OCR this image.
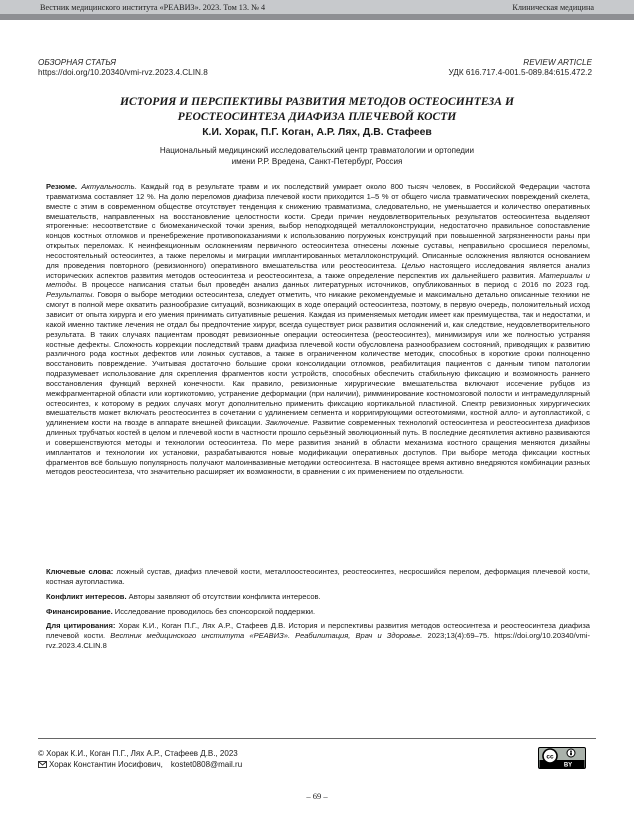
Вестник медицинского института «РЕАВИЗ». 2023. Том 13. № 4	Клиническая медицина
ОБЗОРНАЯ СТАТЬЯ
https://doi.org/10.20340/vmi-rvz.2023.4.CLIN.8
REVIEW ARTICLE
УДК 616.717.4-001.5-089.84:615.472.2
ИСТОРИЯ И ПЕРСПЕКТИВЫ РАЗВИТИЯ МЕТОДОВ ОСТЕОСИНТЕЗА И РЕОСТЕОСИНТЕЗА ДИАФИЗА ПЛЕЧЕВОЙ КОСТИ
К.И. Хорак, П.Г. Коган, А.Р. Лях, Д.В. Стафеев
Национальный медицинский исследовательский центр травматологии и ортопедии
имени Р.Р. Вредена, Санкт-Петербург, Россия
Резюме. Актуальность. Каждый год в результате травм и их последствий умирает около 800 тысяч человек, в Российской Федерации частота травматизма составляет 12 %. На долю переломов диафиза плечевой кости приходится 1–5 % от общего числа травматических повреждений скелета, вместе с этим в современном обществе отсутствует тенденция к снижению травматизма, следовательно, не уменьшается и количество оперативных вмешательств, направленных на восстановление целостности кости. Среди причин неудовлетворительных результатов остеосинтеза выделяют ятрогенные: несоответствие с биомеханической точки зрения, выбор неподходящей металлоконструкции, недостаточно правильное сопоставление концов костных отломков и пренебрежение противопоказаниями к использованию погружных конструкций при повышенной загрязненности раны при открытых переломах. К неинфекционным осложнениям первичного остеосинтеза отнесены ложные суставы, неправильно сросшиеся переломы, несостоятельный остеосинтез, а также переломы и миграции имплантированных металлоконструкций. Описанные осложнения являются основанием для проведения повторного (ревизионного) оперативного вмешательства или реостеосинтеза. Целью настоящего исследования является анализ исторических аспектов развития методов остеосинтеза и реостеосинтеза, а также определение перспектив их дальнейшего развития. Материалы и методы. В процессе написания статьи был проведён анализ данных литературных источников, опубликованных в период с 2016 по 2023 год. Результаты. Говоря о выборе методики остеосинтеза, следует отметить, что никакие рекомендуемые и максимально детально описанные техники не смогут в полной мере охватить разнообразие ситуаций, возникающих в ходе операций остеосинтеза, поэтому, в первую очередь, положительный исход зависит от опыта хирурга и его умения принимать ситуативные решения. Каждая из применяемых методик имеет как преимущества, так и недостатки, и какой именно тактике лечения не отдал бы предпочтение хирург, всегда существует риск развития осложнений и, как следствие, неудовлетворительного результата. В таких случаях пациентам проводят ревизионные операции остеосинтеза (реостеосинтез), минимизируя или же полностью устраняя костные дефекты. Сложность коррекции последствий травм диафиза плечевой кости обусловлена разнообразием состояний, приводящих к развитию различного рода костных дефектов или ложных суставов, а также в ограниченном количестве методик, способных в короткие сроки полноценно восстановить повреждение. Учитывая достаточно большие сроки консолидации отломков, реабилитация пациентов с данным типом патологии подразумевает использование для скрепления фрагментов кости устройств, способных обеспечить стабильную фиксацию и возможность раннего восстановления функций верхней конечности. Как правило, ревизионные хирургические вмешательства включают иссечение рубцов из межфрагментарной области или кортикотомию, устранение деформации (при наличии), римминирование костномозговой полости и интрамедуллярный остеосинтез, к которому в редких случаях могут дополнительно применить фиксацию кортикальной пластиной. Спектр ревизионных хирургических вмешательств может включать реостеосинтез в сочетании с удлинением сегмента и корригирующими остеотомиями, костной алло- и аутопластикой, с удлинением кости на гвозде в аппарате внешней фиксации. Заключение. Развитие современных технологий остеосинтеза и реостеосинтеза диафизов длинных трубчатых костей в целом и плечевой кости в частности прошло серьёзный эволюционный путь. В последние десятилетия активно развиваются и совершенствуются методы и технологии остеосинтеза. По мере развития знаний в области механизма костного сращения меняются дизайны имплантатов и технологии их установки, разрабатываются новые модификации оперативных доступов. При выборе метода фиксации костных фрагментов всё большую популярность получают малоинвазивные методики остеосинтеза. В настоящее время активно внедряются комбинации разных методов реостеосинтеза, что значительно расширяет их возможности, в сравнении с их применением по отдельности.
Ключевые слова: ложный сустав, диафиз плечевой кости, металлоостеосинтез, реостеосинтез, несросшийся перелом, деформация плечевой кости, костная аутопластика.
Конфликт интересов. Авторы заявляют об отсутствии конфликта интересов.
Финансирование. Исследование проводилось без спонсорской поддержки.
Для цитирования: Хорак К.И., Коган П.Г., Лях А.Р., Стафеев Д.В. История и перспективы развития методов остеосинтеза и реостеосинтеза диафиза плечевой кости. Вестник медицинского института «РЕАВИЗ». Реабилитация, Врач и Здоровье. 2023;13(4):69–75. https://doi.org/10.20340/vmi-rvz.2023.4.CLIN.8
© Хорак К.И., Коган П.Г., Лях А.Р., Стафеев Д.В., 2023
Хорак Константин Иосифович, kostet0808@mail.ru
cc
BY
– 69 –
